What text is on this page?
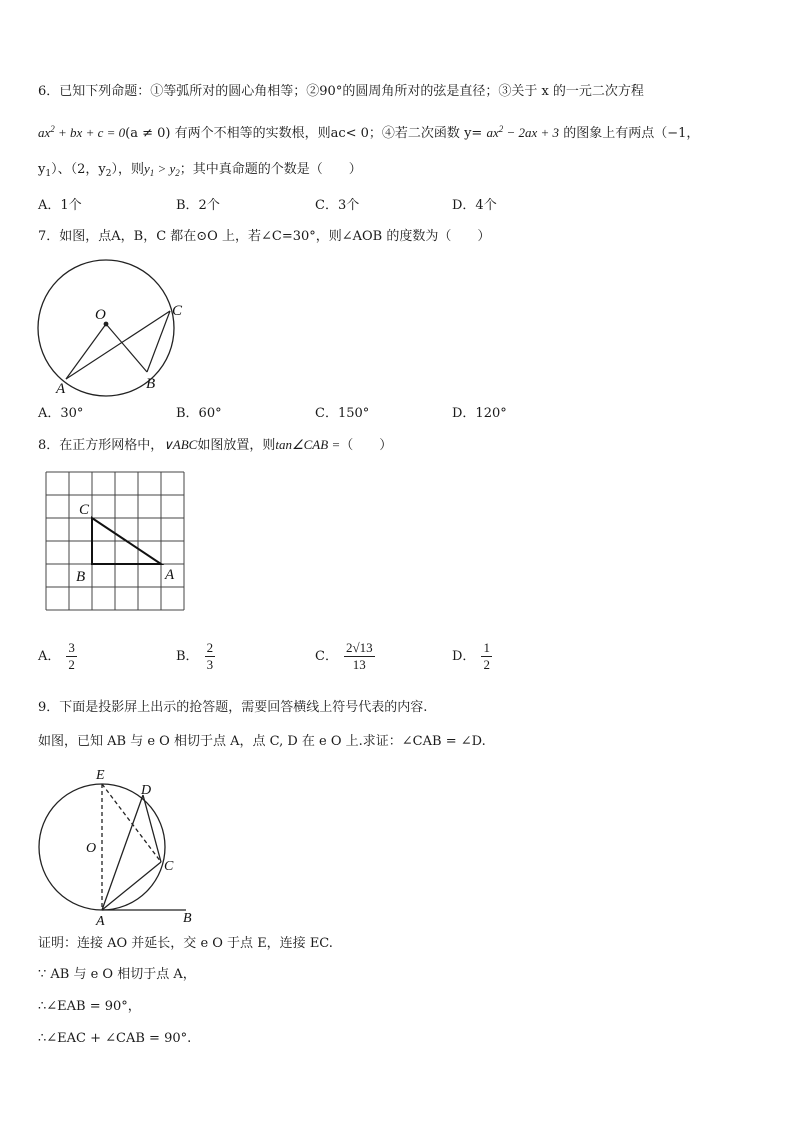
6．已知下列命题：①等弧所对的圆心角相等；②90°的圆周角所对的弦是直径；③关于 x 的一元二次方程
$ax^2$ + bx + c = 0(a ≠ 0) 有两个不相等的实数根，则ac< 0；④若二次函数 $y= ax^2 - 2ax + 3$ 的图象上有两点（−1，
$y_1$）、（2，$y_2$），则$y_1 > y_2$；其中真命题的个数是（　　）
A．1个	B．2个	C．3个	D．4个
7．如图，点A，B，C 都在⊙O 上，若∠C=30°，则∠AOB 的度数为（　　）
O
A	B
C
A．30°	B．60°	C．150°	D．120°
8．在正方形网格中，∨ABC如图放置，则tan∠CAB =（　　）
C
B	A
A． $\frac{3}{2}$	B． $\frac{2}{3}$	C． $\frac{2√13}{13}$	D． $\frac{1}{2}$
9．下面是投影屏上出示的抢答题，需要回答横线上符号代表的内容.
如图，已知 AB 与 e O 相切于点 A，点 C, D 在 e O 上.求证：∠CAB = ∠D.
E
D
O
C
A	B
证明：连接 AO 并延长，交 e O 于点 E，连接 EC.
∵ AB 与 e O 相切于点 A，
∴∠EAB = 90°，
∴∠EAC + ∠CAB = 90°.
